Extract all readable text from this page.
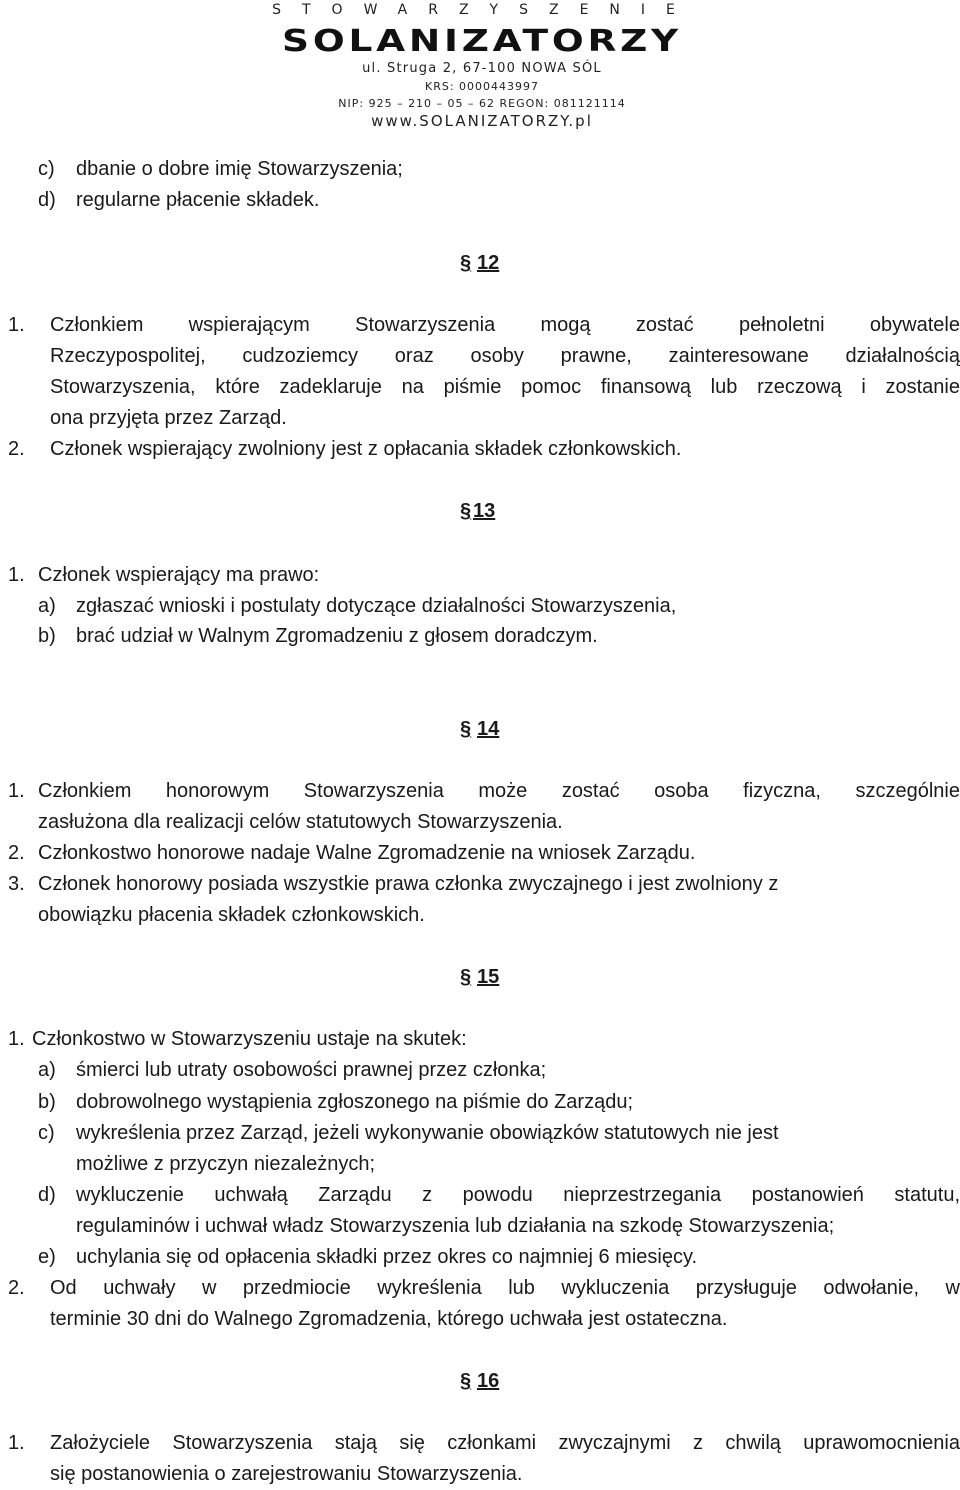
STOWARZYSZENIE
SOLANIZATORZY
ul. Struga 2, 67-100 NOWA SÓL
KRS: 0000443997
NIP: 925 – 210 – 05 – 62 REGON: 081121114
www.SOLANIZATORZY.pl
c) dbanie o dobre imię Stowarzyszenia;
d) regularne płacenie składek.
§ 12
1. Członkiem wspierającym Stowarzyszenia mogą zostać pełnoletni obywatele
Rzeczypospolitej, cudzoziemcy oraz osoby prawne, zainteresowane działalnością
Stowarzyszenia, które zadeklaruje na piśmie pomoc finansową lub rzeczową i zostanie
ona przyjęta przez Zarząd.
2. Członek wspierający zwolniony jest z opłacania składek członkowskich.
§ 13
1. Członek wspierający ma prawo:
a) zgłaszać wnioski i postulaty dotyczące działalności Stowarzyszenia,
b) brać udział w Walnym Zgromadzeniu z głosem doradczym.
§ 14
1. Członkiem honorowym Stowarzyszenia może zostać osoba fizyczna, szczególnie
zasłużona dla realizacji celów statutowych Stowarzyszenia.
2. Członkostwo honorowe nadaje Walne Zgromadzenie na wniosek Zarządu.
3. Członek honorowy posiada wszystkie prawa członka zwyczajnego i jest zwolniony z
obowiązku płacenia składek członkowskich.
§ 15
1. Członkostwo w Stowarzyszeniu ustaje na skutek:
a) śmierci lub utraty osobowości prawnej przez członka;
b) dobrowolnego wystąpienia zgłoszonego na piśmie do Zarządu;
c) wykreślenia przez Zarząd, jeżeli wykonywanie obowiązków statutowych nie jest
możliwe z przyczyn niezależnych;
d) wykluczenie uchwałą Zarządu z powodu nieprzestrzegania postanowień statutu,
regulaminów i uchwał władz Stowarzyszenia lub działania na szkodę Stowarzyszenia;
e) uchylania się od opłacenia składki przez okres co najmniej 6 miesięcy.
2. Od uchwały w przedmiocie wykreślenia lub wykluczenia przysługuje odwołanie, w
terminie 30 dni do Walnego Zgromadzenia, którego uchwała jest ostateczna.
§ 16
1. Założyciele Stowarzyszenia stają się członkami zwyczajnymi z chwilą uprawomocnienia
się postanowienia o zarejestrowaniu Stowarzyszenia.
